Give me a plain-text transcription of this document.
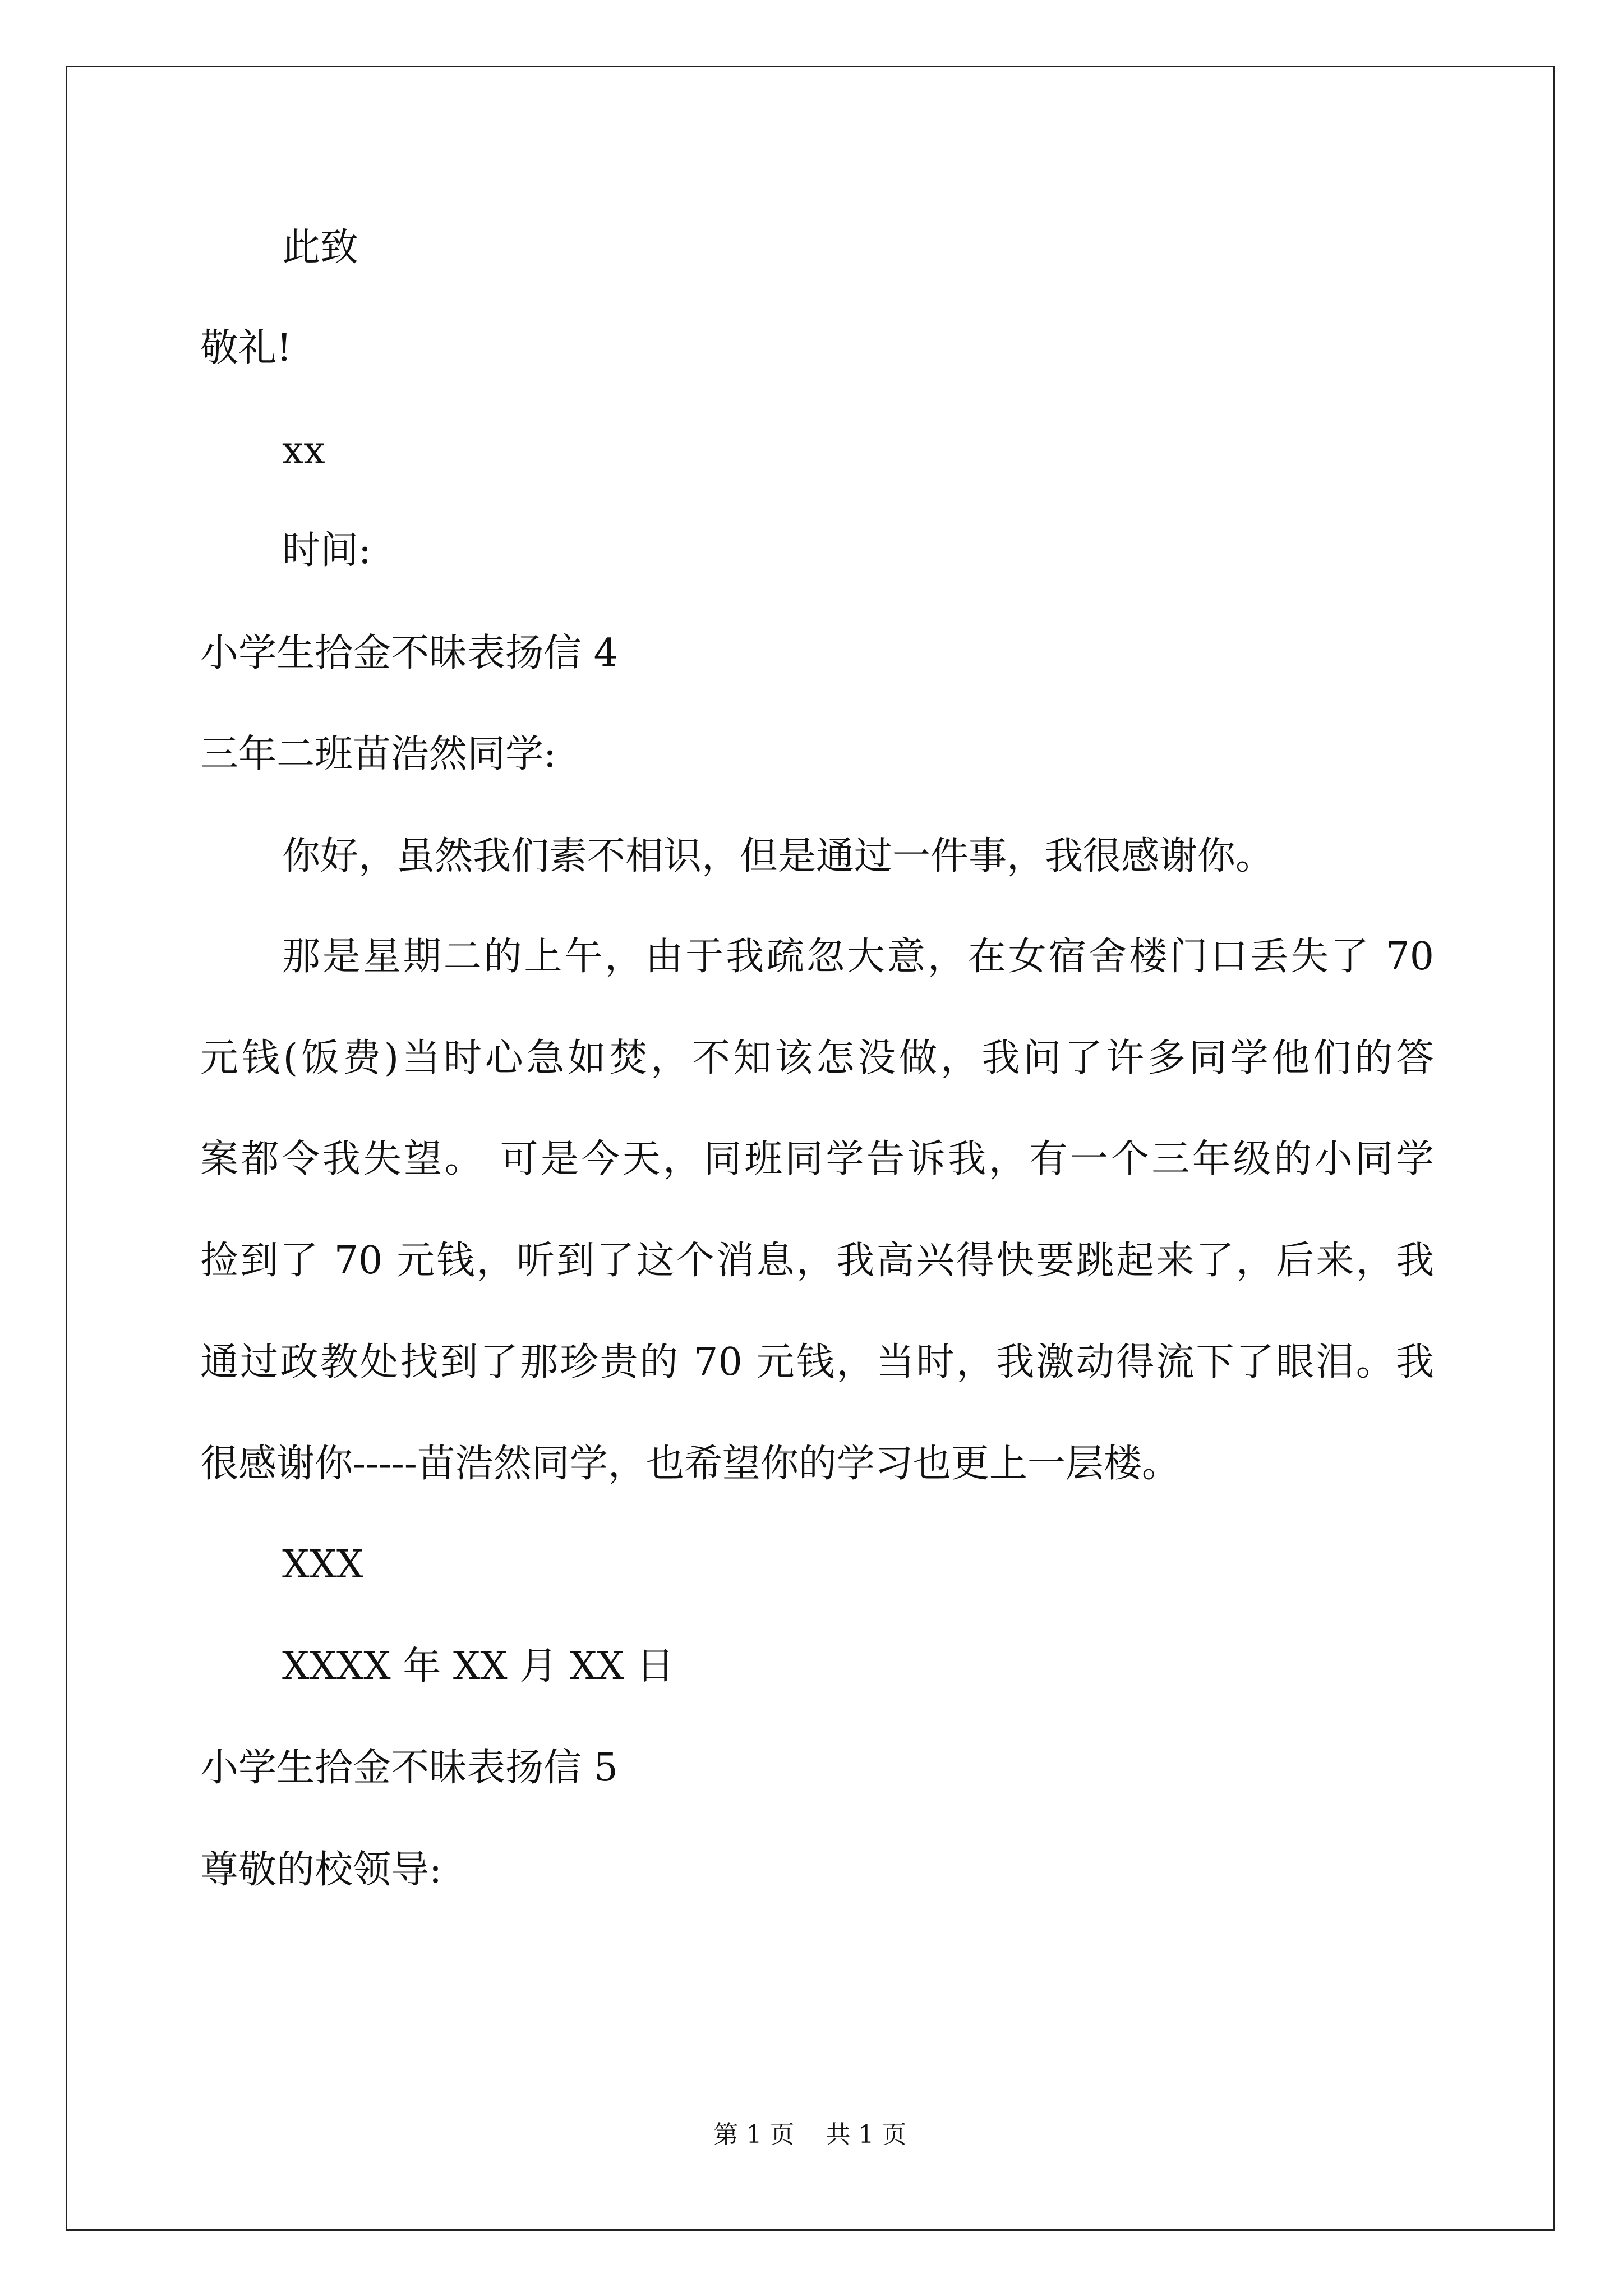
此致
敬礼!
xx
时间:
小学生拾金不昧表扬信 4
三年二班苗浩然同学:
你好，虽然我们素不相识，但是通过一件事，我很感谢你。
那是星期二的上午，由于我疏忽大意，在女宿舍楼门口丢失了 70
元钱(饭费)当时心急如焚，不知该怎没做，我问了许多同学他们的答
案都令我失望。 可是今天，同班同学告诉我，有一个三年级的小同学
捡到了 70 元钱，听到了这个消息，我高兴得快要跳起来了，后来，我
通过政教处找到了那珍贵的 70 元钱，当时，我激动得流下了眼泪。我
很感谢你-----苗浩然同学，也希望你的学习也更上一层楼。
XXX
XXXX 年 XX 月 XX 日
小学生拾金不昧表扬信 5
尊敬的校领导:
第 1 页    共 1 页
